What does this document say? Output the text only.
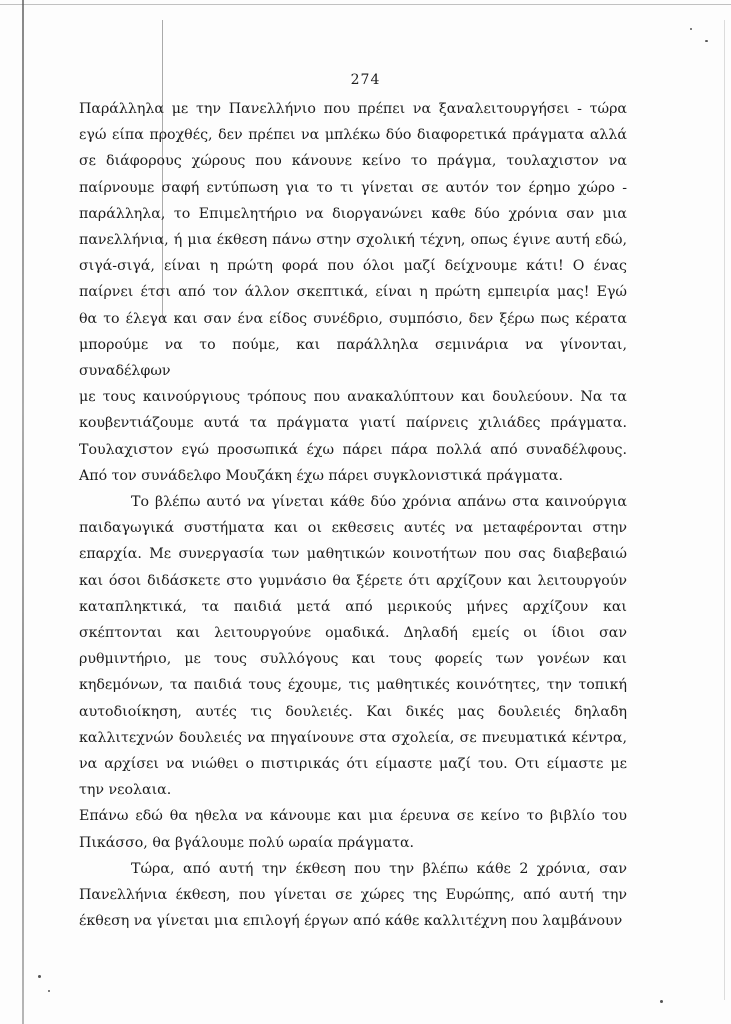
274

Παράλληλα με την Πανελλήνιο που πρέπει να ξαναλειτουργήσει - τώρα

εγώ είπα προχθές, δεν πρέπει να μπλέκω δύο διαφορετικά πράγματα αλλά

σε διάφορους χώρους που κάνουνε κείνο το πράγμα, τουλαχιστον να

παίρνουμε σαφή εντύπωση για το τι γίνεται σε αυτόν τον έρημο χώρο -

παράλληλα, το Επιμελητήριο να διοργανώνει καθε δύο χρόνια σαν μια

πανελλήνια, ή μια έκθεση πάνω στην σχολική τέχνη, οπως έγινε αυτή εδώ,

σιγά-σιγά, είναι η πρώτη φορά που όλοι μαζί δείχνουμε κάτι! Ο ένας

παίρνει έτσι από τον άλλον σκεπτικά, είναι η πρώτη εμπειρία μας! Εγώ

θα το έλεγα και σαν ένα είδος συνέδριο, συμπόσιο, δεν ξέρω πως κέρατα

μπορούμε να το πούμε, και παράλληλα σεμινάρια να γίνονται, συναδέλφων

με τους καινούργιους τρόπους που ανακαλύπτουν και δουλεύουν. Να τα

κουβεντιάζουμε αυτά τα πράγματα γιατί παίρνεις χιλιάδες πράγματα.

Τουλαχιστον εγώ προσωπικά έχω πάρει πάρα πολλά από συναδέλφους.

Από τον συνάδελφο Μουζάκη έχω πάρει συγκλονιστικά πράγματα.

Το βλέπω αυτό να γίνεται κάθε δύο χρόνια απάνω στα καινούργια

παιδαγωγικά συστήματα και οι εκθεσεις αυτές να μεταφέρονται στην

επαρχία. Με συνεργασία των μαθητικών κοινοτήτων που σας διαβεβαιώ

και όσοι διδάσκετε στο γυμνάσιο θα ξέρετε ότι αρχίζουν και λειτουργούν

καταπληκτικά, τα παιδιά μετά από μερικούς μήνες αρχίζουν και

σκέπτονται και λειτουργούνε ομαδικά. Δηλαδή εμείς οι ίδιοι σαν

ρυθμιντήριο, με τους συλλόγους και τους φορείς των γονέων και

κηδεμόνων, τα παιδιά τους έχουμε, τις μαθητικές κοινότητες, την τοπική

αυτοδιοίκηση, αυτές τις δουλειές. Και δικές μας δουλειές δηλαδη

καλλιτεχνών δουλειές να πηγαίνουνε στα σχολεία, σε πνευματικά κέντρα,

να αρχίσει να νιώθει ο πιστιρικάς ότι είμαστε μαζί του. Οτι είμαστε με

την νεολαια.

Επάνω εδώ θα ηθελα να κάνουμε και μια έρευνα σε κείνο το βιβλίο του

Πικάσσο, θα βγάλουμε πολύ ωραία πράγματα.

Τώρα, από αυτή την έκθεση που την βλέπω κάθε 2 χρόνια, σαν

Πανελλήνια έκθεση, που γίνεται σε χώρες της Ευρώπης, από αυτή την

έκθεση να γίνεται μια επιλογή έργων από κάθε καλλιτέχνη που λαμβάνουν
